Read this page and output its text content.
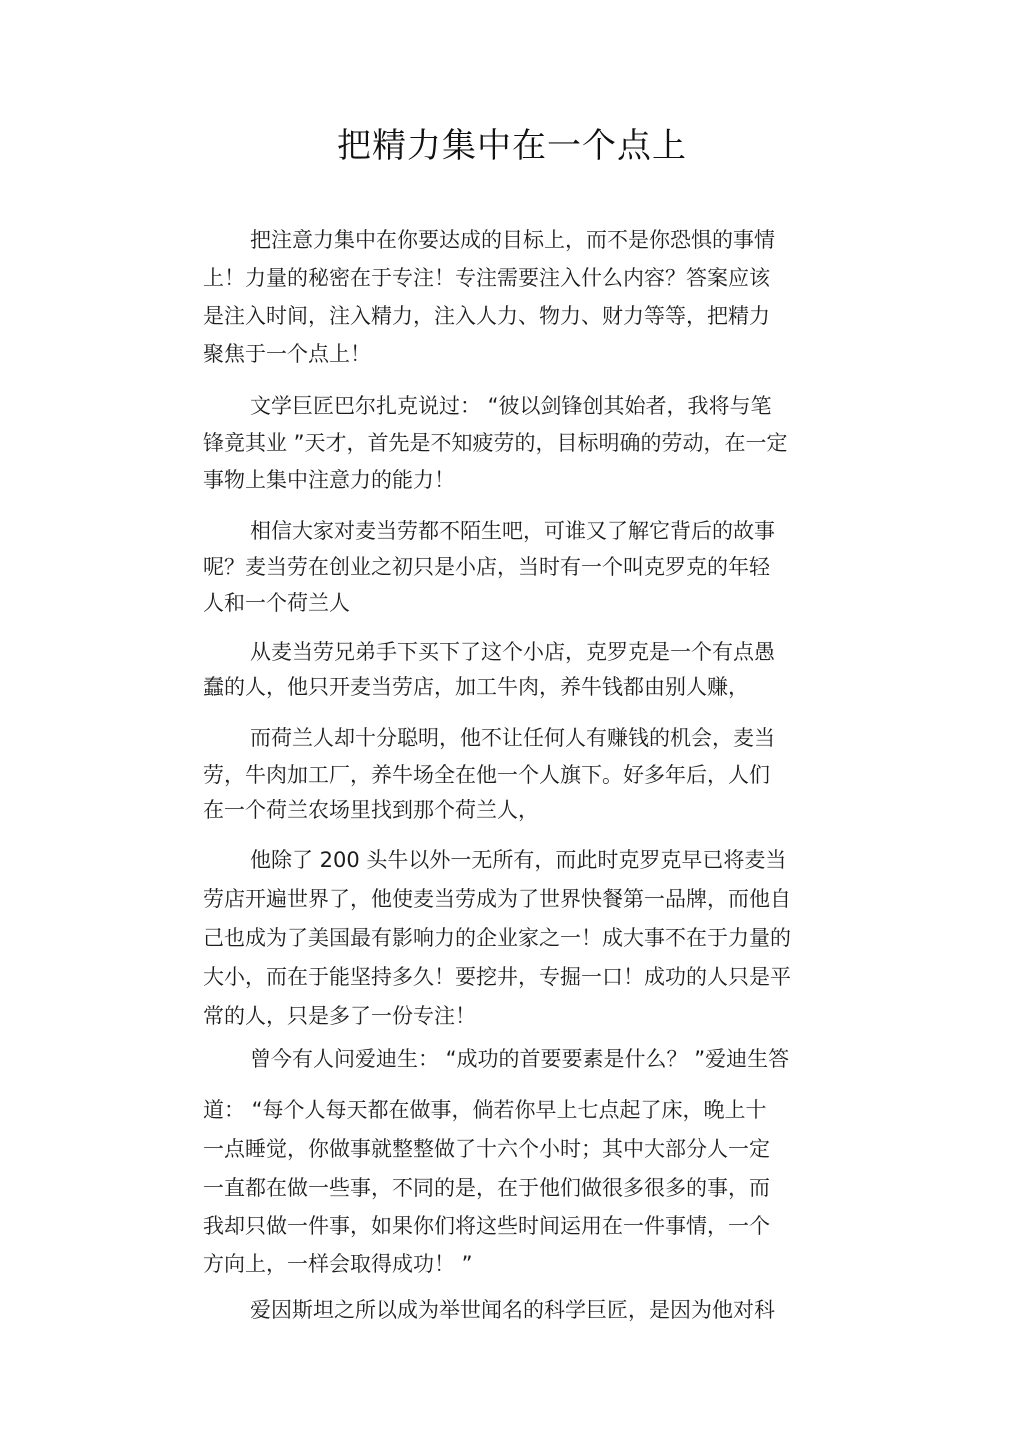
把精力集中在一个点上
把注意力集中在你要达成的目标上，而不是你恐惧的事情
上！力量的秘密在于专注！专注需要注入什么内容？答案应该
是注入时间，注入精力，注入人力、物力、财力等等，把精力
聚焦于一个点上！
文学巨匠巴尔扎克说过： “彼以剑锋创其始者，我将与笔
锋竟其业 ”天才，首先是不知疲劳的，目标明确的劳动，在一定
事物上集中注意力的能力！
相信大家对麦当劳都不陌生吧，可谁又了解它背后的故事
呢？麦当劳在创业之初只是小店，当时有一个叫克罗克的年轻
人和一个荷兰人
从麦当劳兄弟手下买下了这个小店，克罗克是一个有点愚
蠢的人，他只开麦当劳店，加工牛肉，养牛钱都由别人赚，
而荷兰人却十分聪明，他不让任何人有赚钱的机会，麦当
劳，牛肉加工厂，养牛场全在他一个人旗下。好多年后，人们
在一个荷兰农场里找到那个荷兰人，
他除了 200 头牛以外一无所有，而此时克罗克早已将麦当
劳店开遍世界了，他使麦当劳成为了世界快餐第一品牌，而他自
己也成为了美国最有影响力的企业家之一！成大事不在于力量的
大小，而在于能坚持多久！要挖井，专掘一口！成功的人只是平
常的人，只是多了一份专注！
曾今有人问爱迪生： “成功的首要要素是什么？ ”爱迪生答
道： “每个人每天都在做事，倘若你早上七点起了床，晚上十
一点睡觉，你做事就整整做了十六个小时；其中大部分人一定
一直都在做一些事，不同的是，在于他们做很多很多的事，而
我却只做一件事，如果你们将这些时间运用在一件事情，一个
方向上，一样会取得成功！ ”
爱因斯坦之所以成为举世闻名的科学巨匠，是因为他对科
